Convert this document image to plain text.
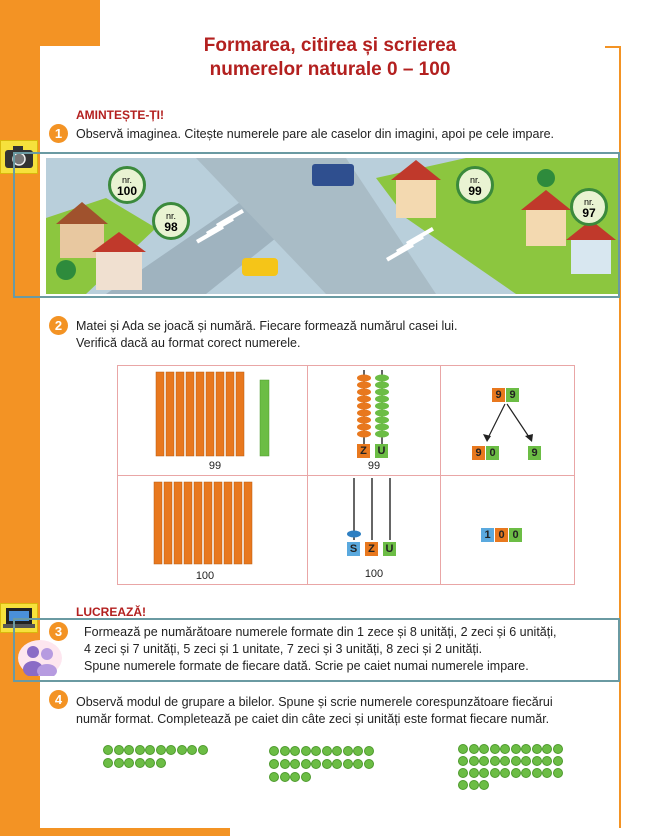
Formarea, citirea și scrierea
numerelor naturale 0 – 100
AMINTEȘTE-ȚI!
1	Observă imaginea. Citește numerele pare ale caselor din imagini, apoi pe cele impare.
nr.
100
nr.
98
nr.
99
nr.
97
2	Matei și Ada se joacă și numără. Fiecare formează numărul casei lui.
Verifică dacă au format corect numerele.
99
Z U
99
9 9
9 0	9
100
S Z U
100
1 0 0
LUCREAZĂ!
3	Formează pe numărătoare numerele formate din 1 zece și 8 unități, 2 zeci și 6 unități,
4 zeci și 7 unități, 5 zeci și 1 unitate, 7 zeci și 3 unități, 8 zeci și 2 unități.
Spune numerele formate de fiecare dată. Scrie pe caiet numai numerele impare.
4	Observă modul de grupare a bilelor. Spune și scrie numerele corespunzătoare fiecărui
număr format. Completează pe caiet din câte zeci și unități este format fiecare număr.
